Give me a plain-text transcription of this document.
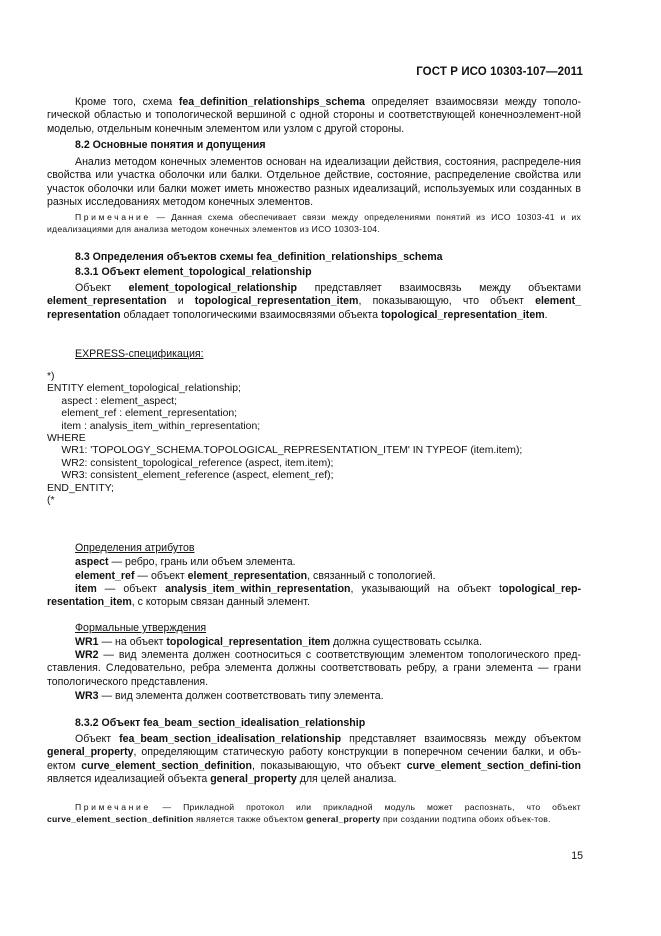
ГОСТ Р ИСО 10303-107—2011
Кроме того, схема fea_definition_relationships_schema определяет взаимосвязи между тополо-гической областью и топологической вершиной с одной стороны и соответствующей конечноэлемент-ной моделью, отдельным конечным элементом или узлом с другой стороны.
8.2 Основные понятия и допущения
Анализ методом конечных элементов основан на идеализации действия, состояния, распределе-ния свойства или участка оболочки или балки. Отдельное действие, состояние, распределение свойства или участок оболочки или балки может иметь множество разных идеализаций, используемых или созданных в разных исследованиях методом конечных элементов.
Примечание — Данная схема обеспечивает связи между определениями понятий из ИСО 10303-41 и их идеализациями для анализа методом конечных элементов из ИСО 10303-104.
8.3 Определения объектов схемы fea_definition_relationships_schema
8.3.1 Объект element_topological_relationship
Объект element_topological_relationship представляет взаимосвязь между объектами element_representation и topological_representation_item, показывающую, что объект element_ representation обладает топологическими взаимосвязями объекта topological_representation_item.
EXPRESS-спецификация:
*)
ENTITY element_topological_relationship;
aspect : element_aspect;
element_ref : element_representation;
item : analysis_item_within_representation;
WHERE
WR1: 'TOPOLOGY_SCHEMA.TOPOLOGICAL_REPRESENTATION_ITEM' IN TYPEOF (item.item);
WR2: consistent_topological_reference (aspect, item.item);
WR3: consistent_element_reference (aspect, element_ref);
END_ENTITY;
(*
Определения атрибутов
aspect — ребро, грань или объем элемента.
element_ref — объект element_representation, связанный с топологией.
item — объект analysis_item_within_representation, указывающий на объект topological_rep-resentation_item, с которым связан данный элемент.
Формальные утверждения
WR1 — на объект topological_representation_item должна существовать ссылка.
WR2 — вид элемента должен соотноситься с соответствующим элементом топологического пред-ставления. Следовательно, ребра элемента должны соответствовать ребру, а грани элемента — грани топологического представления.
WR3 — вид элемента должен соответствовать типу элемента.
8.3.2 Объект fea_beam_section_idealisation_relationship
Объект fea_beam_section_idealisation_relationship представляет взаимосвязь между объектом general_property, определяющим статическую работу конструкции в поперечном сечении балки, и объ-ектом curve_element_section_definition, показывающую, что объект curve_element_section_defini-tion является идеализацией объекта general_property для целей анализа.
Примечание — Прикладной протокол или прикладной модуль может распознать, что объект curve_element_section_definition является также объектом general_property при создании подтипа обоих объек-тов.
15
